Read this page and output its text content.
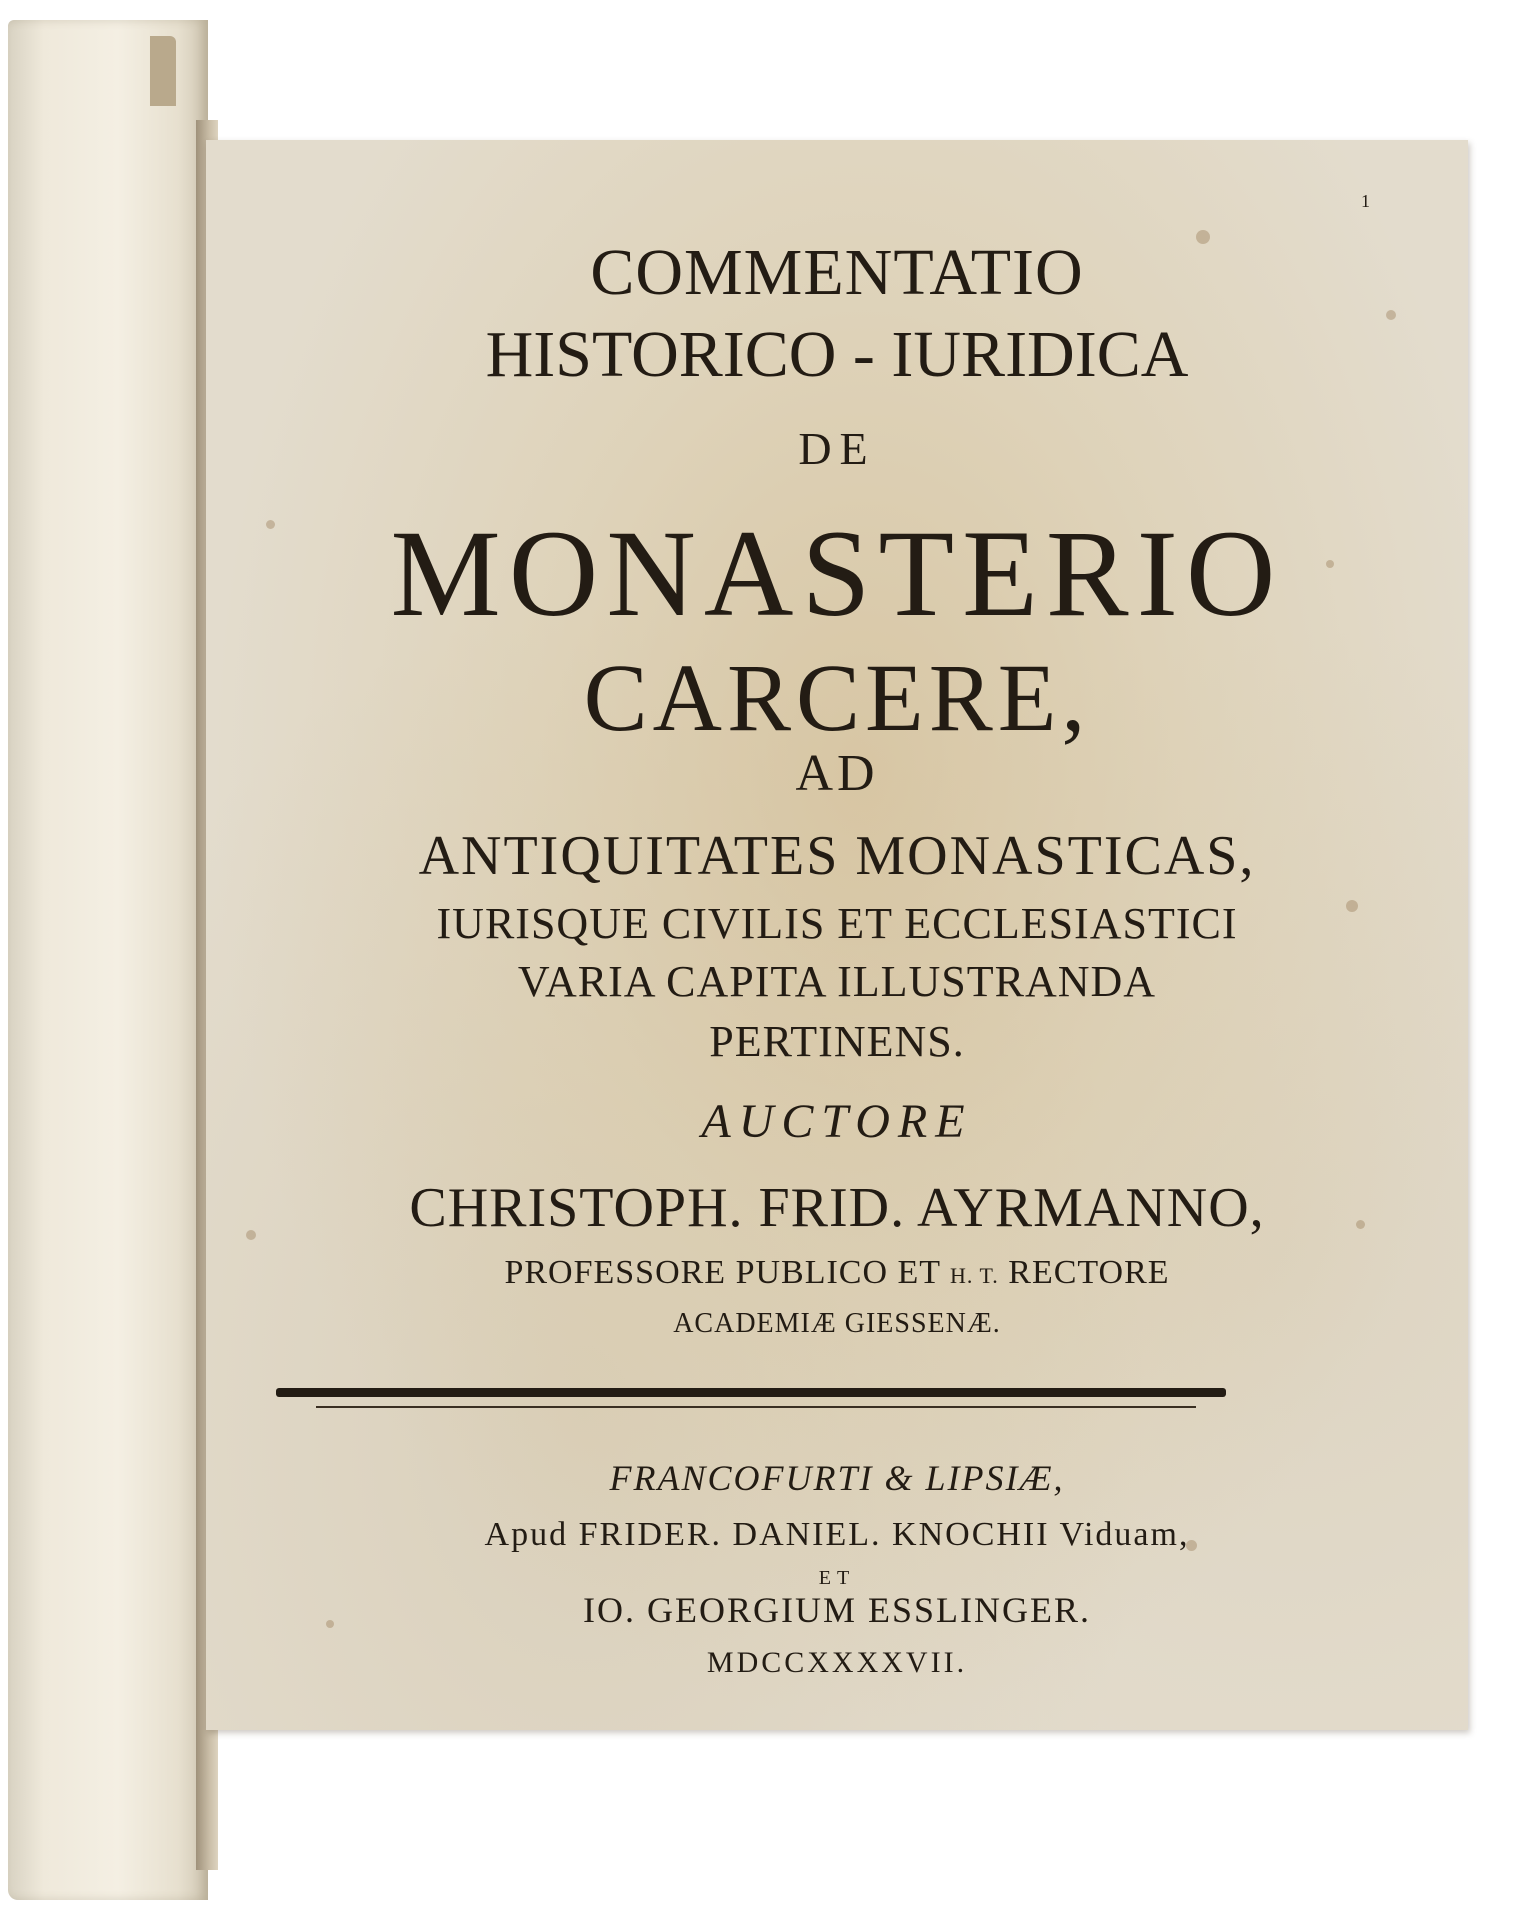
1
COMMENTATIO
HISTORICO - IURIDICA
DE
MONASTERIO
CARCERE,
AD
ANTIQUITATES MONASTICAS,
IURISQUE CIVILIS ET ECCLESIASTICI
VARIA CAPITA ILLUSTRANDA
PERTINENS.
AUCTORE
CHRISTOPH. FRID. AYRMANNO,
PROFESSORE PUBLICO ET H. T. RECTORE
ACADEMIÆ GIESSENÆ.
FRANCOFURTI & LIPSIÆ,
Apud FRIDER. DANIEL. KNOCHII Viduam,
ET
IO. GEORGIUM ESSLINGER.
MDCCXXXXVII.
